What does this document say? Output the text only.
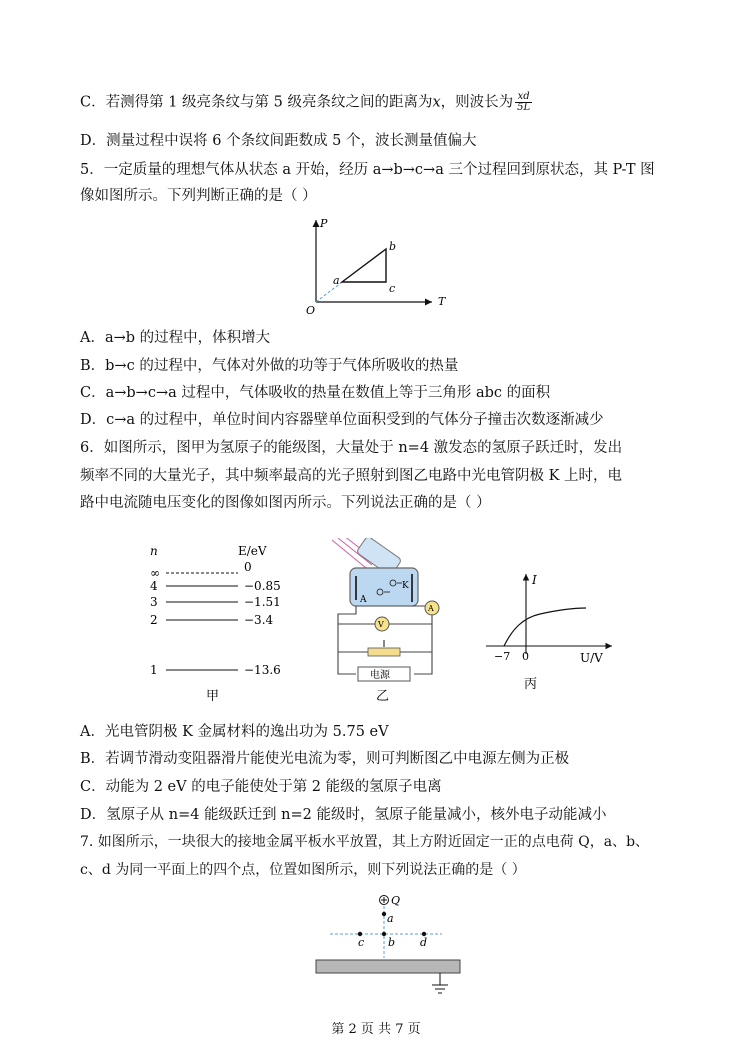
C．若测得第 1 级亮条纹与第 5 级亮条纹之间的距离为x，则波长为 $\frac{xd}{5L}$
D．测量过程中误将 6 个条纹间距数成 5 个，波长测量值偏大
5．一定质量的理想气体从状态 a 开始，经历 a→b→c→a 三个过程回到原状态，其 P-T 图
像如图所示。下列判断正确的是（ ）
P
T
O
a
b
c
A．a→b 的过程中，体积增大
B．b→c 的过程中，气体对外做的功等于气体所吸收的热量
C．a→b→c→a 过程中，气体吸收的热量在数值上等于三角形 abc 的面积
D．c→a 的过程中，单位时间内容器壁单位面积受到的气体分子撞击次数逐渐减少
6．如图所示，图甲为氢原子的能级图，大量处于 n=4 激发态的氢原子跃迁时，发出
频率不同的大量光子，其中频率最高的光子照射到图乙电路中光电管阴极 K 上时，电
路中电流随电压变化的图像如图丙所示。下列说法正确的是（ ）
n	E/eV
∞	0
4	−0.85
3	−1.51
2	−3.4
1	−13.6
甲
A
K
A
V
电源
乙
I
U/V
−7 0
丙
A．光电管阴极 K 金属材料的逸出功为 5.75 eV
B．若调节滑动变阻器滑片能使光电流为零，则可判断图乙中电源左侧为正极
C．动能为 2 eV 的电子能使处于第 2 能级的氢原子电离
D．氢原子从 n=4 能级跃迁到 n=2 能级时，氢原子能量减小，核外电子动能减小
7. 如图所示，一块很大的接地金属平板水平放置，其上方附近固定一正的点电荷 Q，a、b、
c、d 为同一平面上的四个点，位置如图所示，则下列说法正确的是（ ）
Q
a
b
c	d
第 2 页 共 7 页
